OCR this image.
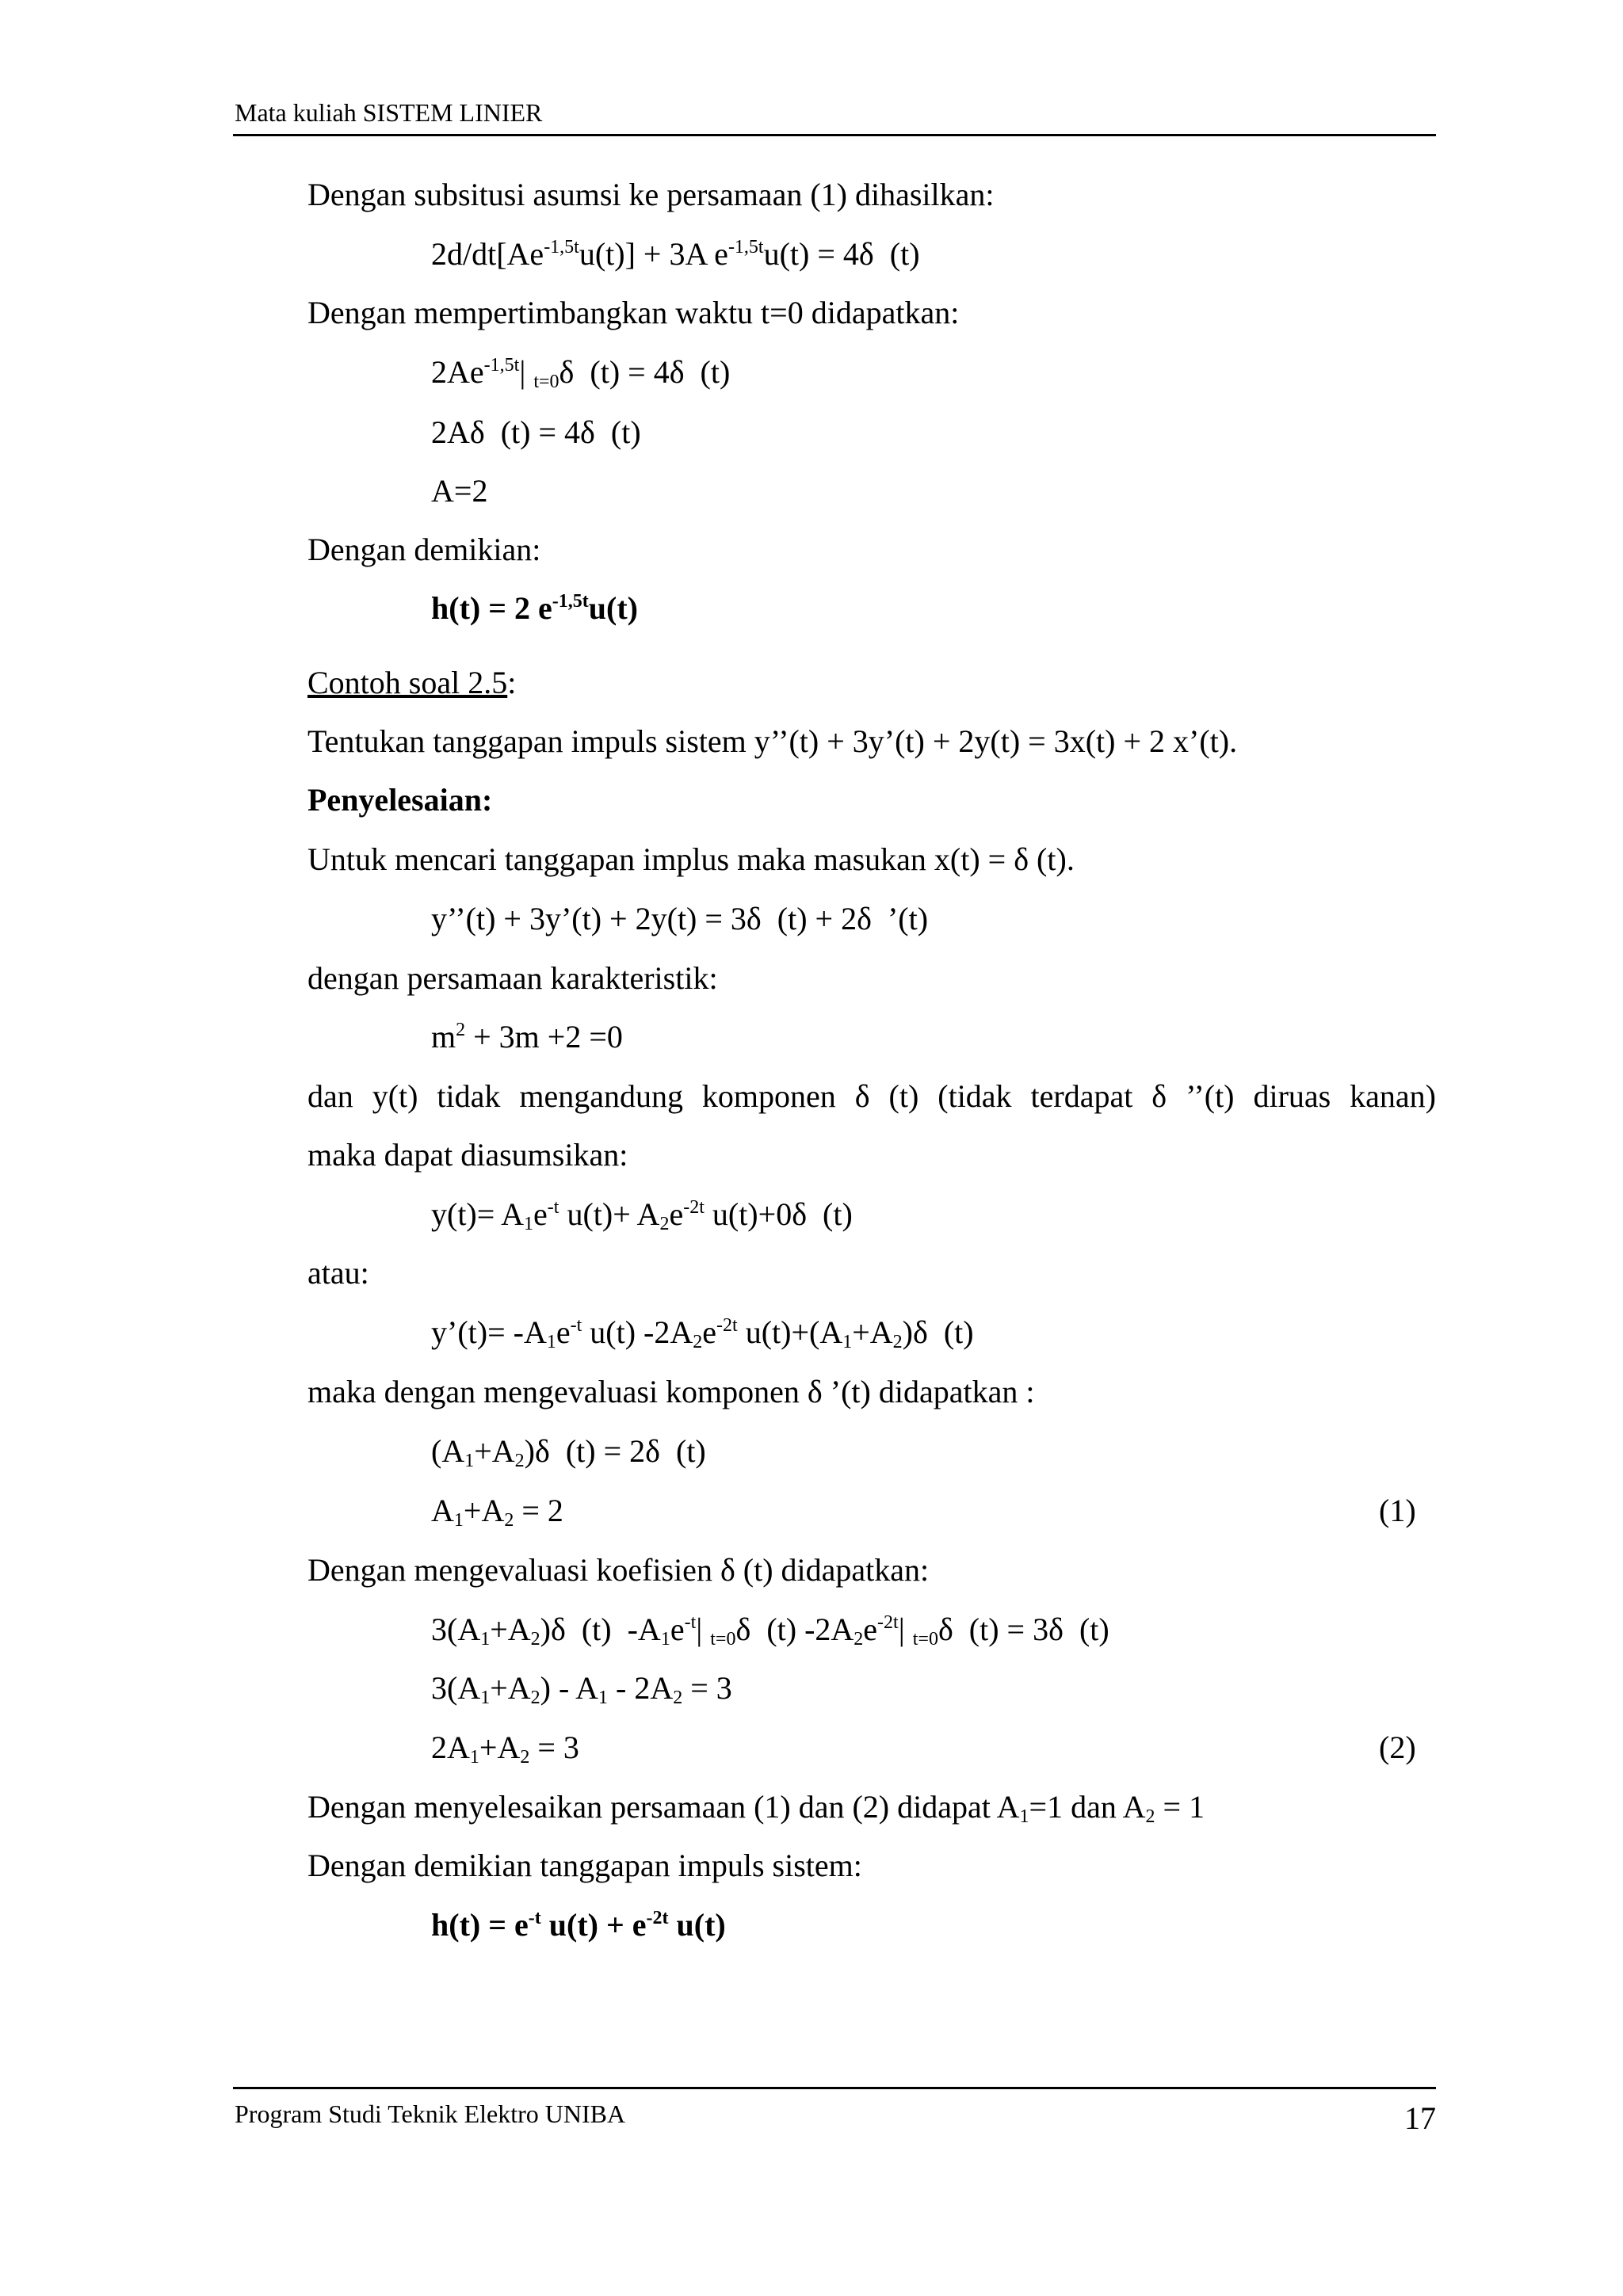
Mata kuliah SISTEM LINIER
Dengan subsitusi asumsi ke persamaan (1) dihasilkan:
$2d/dt[Ae^{-1,5t}u(t)] + 3A$ $e^{-1,5t}u(t) = 4\delta$  (t)
Dengan mempertimbangkan waktu t=0 didapatkan:
$2Ae^{-1,5t}|$ $_{t=0}$δ  (t) = 4δ  (t)
2Aδ  (t) = 4δ  (t)
A=2
Dengan demikian:
h(t) = 2 $e^{-1,5t}u(t)$
Contoh soal 2.5:
Tentukan tanggapan impuls sistem y’’(t) + 3y’(t) + 2y(t) = 3x(t) + 2 x’(t).
Penyelesaian:
Untuk mencari tanggapan implus maka masukan x(t) = δ (t).
y’’(t) + 3y’(t) + 2y(t) = 3δ  (t) + 2δ  ’(t)
dengan persamaan karakteristik:
$m^2 + 3m +2 =0$
dan y(t) tidak mengandung komponen δ (t) (tidak terdapat δ ’’(t) diruas kanan)
maka dapat diasumsikan:
$y(t)= A_1e^{-t}$ $u(t)+ A_2e^{-2t}$ u(t)+0δ  (t)
atau:
y’(t)= $-A_1e^{-t}$ u(t) $-2A_2e^{-2t}$ $u(t)+(A_1+A_2)\delta$  (t)
maka dengan mengevaluasi komponen δ ’(t) didapatkan :
$(A_1+A_2)\delta$  (t) = 2δ  (t)
$A_1+A_2 = 2$	(1)
Dengan mengevaluasi koefisien δ (t) didapatkan:
$3(A_1+A_2)\delta$  (t)  $-A_1e^{-t}|$ $_{t=0}$δ  (t) $-2A_2e^{-2t}|$ $_{t=0}$δ  (t) = 3δ  (t)
$3(A_1+A_2) - A_1 - 2A_2 = 3$
$2A_1+A_2 = 3$	(2)
Dengan menyelesaikan persamaan (1) dan (2) didapat $A_1=1$ dan $A_2 = 1$
Dengan demikian tanggapan impuls sistem:
$h(t) = e^{-t}$ $u(t) + e^{-2t}$ u(t)
Program Studi Teknik Elektro UNIBA	17
